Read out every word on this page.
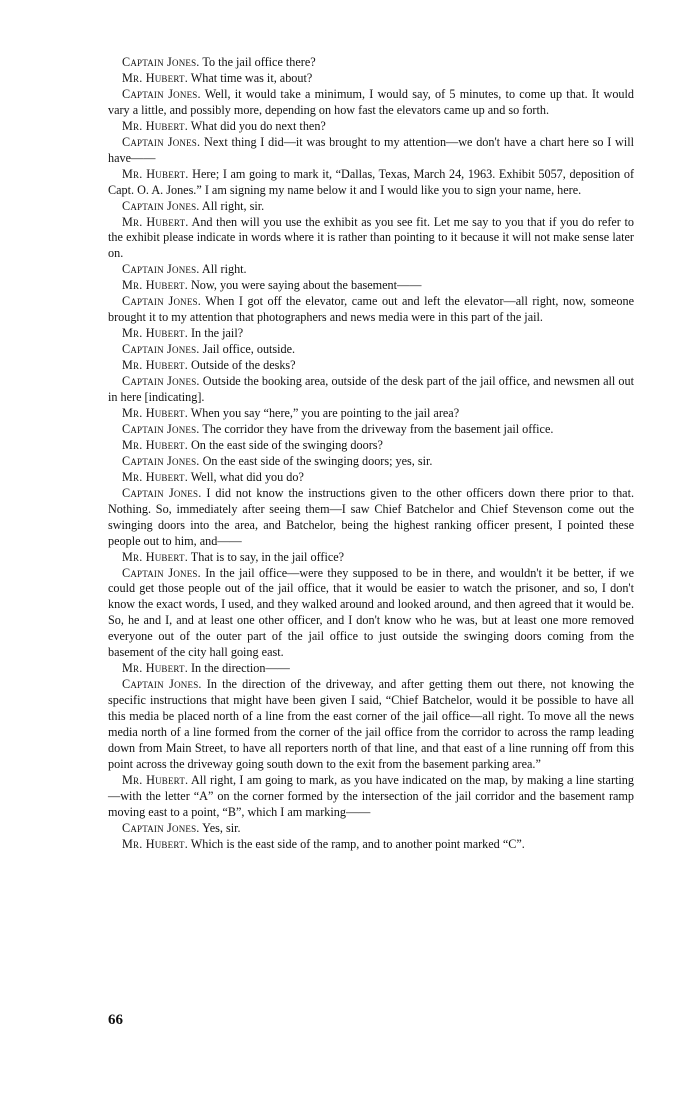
Captain Jones. To the jail office there?

Mr. Hubert. What time was it, about?

Captain Jones. Well, it would take a minimum, I would say, of 5 minutes, to come up that. It would vary a little, and possibly more, depending on how fast the elevators came up and so forth.

Mr. Hubert. What did you do next then?

Captain Jones. Next thing I did—it was brought to my attention—we don't have a chart here so I will have——

Mr. Hubert. Here; I am going to mark it, “Dallas, Texas, March 24, 1963. Exhibit 5057, deposition of Capt. O. A. Jones.” I am signing my name below it and I would like you to sign your name, here.

Captain Jones. All right, sir.

Mr. Hubert. And then will you use the exhibit as you see fit. Let me say to you that if you do refer to the exhibit please indicate in words where it is rather than pointing to it because it will not make sense later on.

Captain Jones. All right.

Mr. Hubert. Now, you were saying about the basement——

Captain Jones. When I got off the elevator, came out and left the elevator—all right, now, someone brought it to my attention that photographers and news media were in this part of the jail.

Mr. Hubert. In the jail?

Captain Jones. Jail office, outside.

Mr. Hubert. Outside of the desks?

Captain Jones. Outside the booking area, outside of the desk part of the jail office, and newsmen all out in here [indicating].

Mr. Hubert. When you say “here,” you are pointing to the jail area?

Captain Jones. The corridor they have from the driveway from the basement jail office.

Mr. Hubert. On the east side of the swinging doors?

Captain Jones. On the east side of the swinging doors; yes, sir.

Mr. Hubert. Well, what did you do?

Captain Jones. I did not know the instructions given to the other officers down there prior to that. Nothing. So, immediately after seeing them—I saw Chief Batchelor and Chief Stevenson come out the swinging doors into the area, and Batchelor, being the highest ranking officer present, I pointed these people out to him, and——

Mr. Hubert. That is to say, in the jail office?

Captain Jones. In the jail office—were they supposed to be in there, and wouldn't it be better, if we could get those people out of the jail office, that it would be easier to watch the prisoner, and so, I don't know the exact words, I used, and they walked around and looked around, and then agreed that it would be. So, he and I, and at least one other officer, and I don't know who he was, but at least one more removed everyone out of the outer part of the jail office to just outside the swinging doors coming from the basement of the city hall going east.

Mr. Hubert. In the direction——

Captain Jones. In the direction of the driveway, and after getting them out there, not knowing the specific instructions that might have been given I said, “Chief Batchelor, would it be possible to have all this media be placed north of a line from the east corner of the jail office—all right. To move all the news media north of a line formed from the corner of the jail office from the corridor to across the ramp leading down from Main Street, to have all reporters north of that line, and that east of a line running off from this point across the driveway going south down to the exit from the basement parking area.”

Mr. Hubert. All right, I am going to mark, as you have indicated on the map, by making a line starting—with the letter “A” on the corner formed by the intersection of the jail corridor and the basement ramp moving east to a point, “B”, which I am marking——

Captain Jones. Yes, sir.

Mr. Hubert. Which is the east side of the ramp, and to another point marked “C”.

66
